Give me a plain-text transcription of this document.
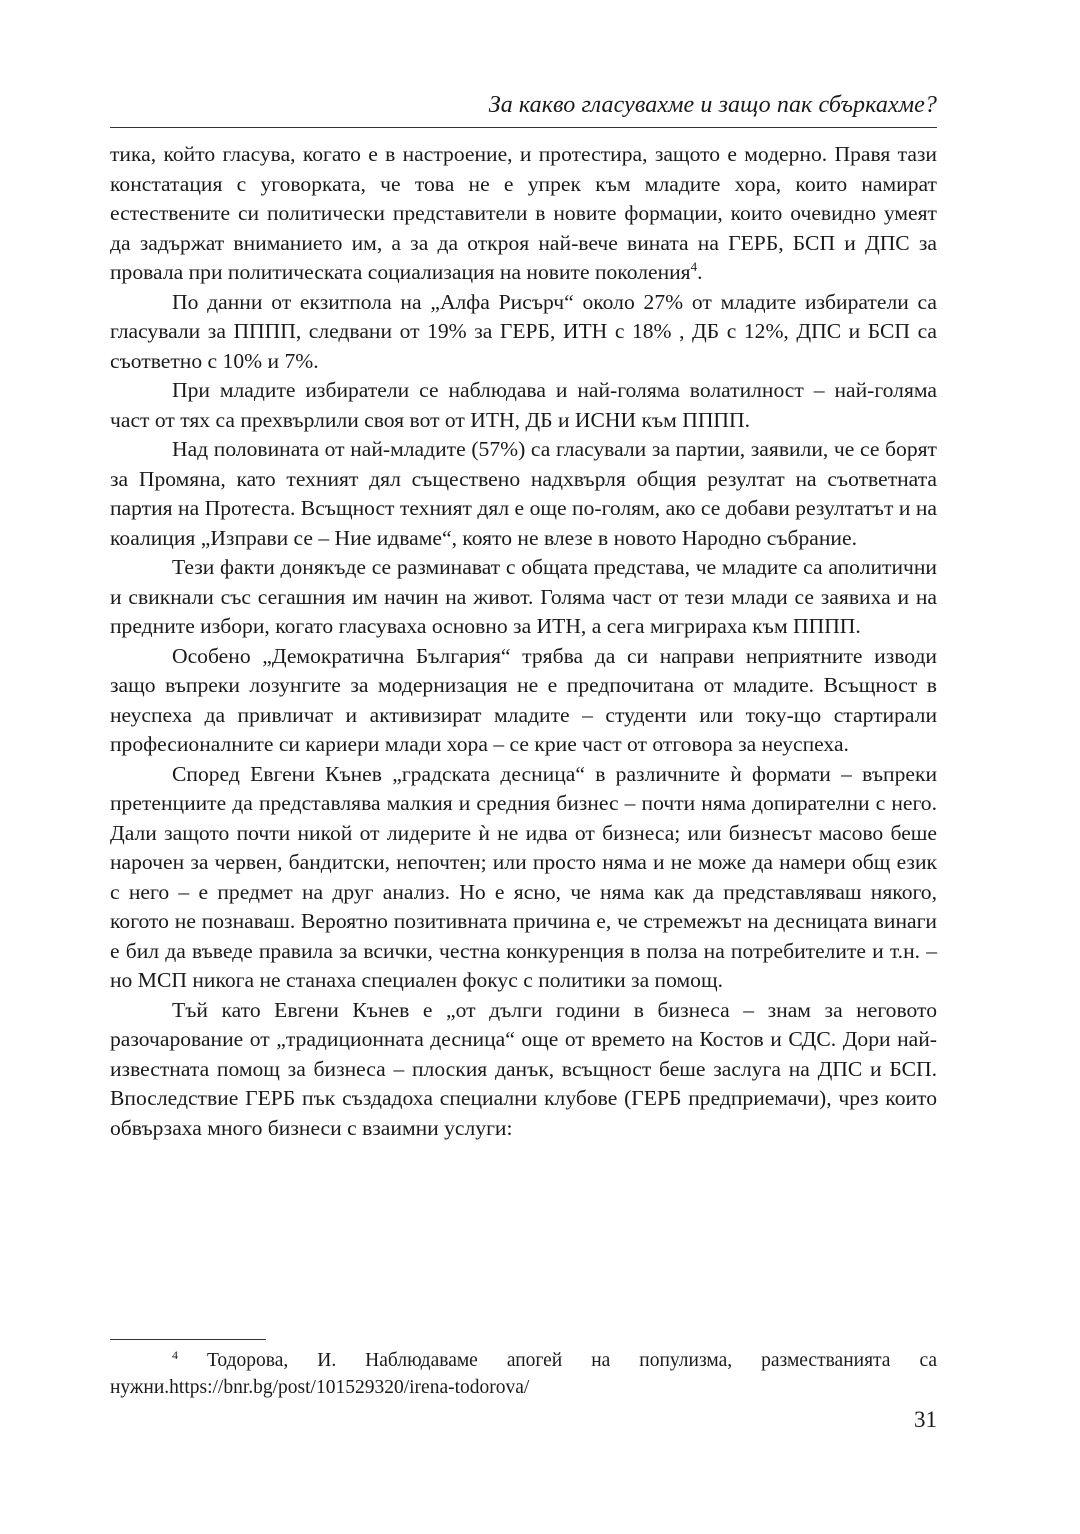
За какво гласувахме и защо пак сбъркахме?

тика, който гласува, когато е в настроение, и протестира, защото е модерно. Правя тази констатация с уговорката, че това не е упрек към младите хора, които намират естествените си политически представители в новите формации, които очевидно умеят да задържат вниманието им, а за да открoя най-вече вината на ГЕРБ, БСП и ДПС за провала при политическата социализация на новите поколения$^4$.

По данни от екзитпола на „Алфа Рисърч“ около 27% от младите избиратели са гласували за ПППП, следвани от 19% за ГЕРБ, ИТН с 18% , ДБ с 12%, ДПС и БСП са съответно с 10% и 7%.

При младите избиратели се наблюдава и най-голяма волатилност – най-голяма част от тях са прехвърлили своя вот от ИТН, ДБ и ИСНИ към ПППП.

Над половината от най-младите (57%) са гласували за партии, заявили, че се борят за Промяна, като техният дял съществено надхвърля общия резултат на съответната партия на Протеста. Всъщност техният дял е още по-голям, ако се добави резултатът и на коалиция „Изправи се – Ние идваме“, която не влезе в новото Народно събрание.

Тези факти донякъде се разминават с общата представа, че младите са аполитични и свикнали със сегашния им начин на живот. Голяма част от тези млади се заявиха и на предните избори, когато гласуваха основно за ИТН, а сега мигрираха към ПППП.

Особено „Демократична България“ трябва да си направи неприятните изводи защо въпреки лозунгите за модернизация не е предпочитана от младите. Всъщност в неуспеха да привличат и активизират младите – студенти или току-що стартирали професионалните си кариери млади хора – се крие част от отговора за неуспеха.

Според Евгени Кънев „градската десница“ в различните ѝ формати – въпреки претенциите да представлява малкия и средния бизнес – почти няма допирателни с него. Дали защото почти никой от лидерите ѝ не идва от бизнеса; или бизнесът масово беше нарочен за червен, бандитски, непочтен; или просто няма и не може да намери общ език с него – е предмет на друг анализ. Но е ясно, че няма как да представляваш някого, когото не познаваш. Вероятно позитивната причина е, че стремежът на десницата винаги е бил да въведе правила за всички, честна конкуренция в полза на потребителите и т.н. – но МСП никога не станаха специален фокус с политики за помощ.

Тъй като Евгени Кънев е „от дълги години в бизнеса – знам за неговото разочарование от „традиционната десница“ още от времето на Костов и СДС. Дори най-известната помощ за бизнеса – плоския данък, всъщност беше заслуга на ДПС и БСП. Впоследствие ГЕРБ пък създадоха специални клубове (ГЕРБ предприемачи), чрез които обвързаха много бизнеси с взаимни услуги:

$^4$ Тодорова, И. Наблюдаваме апогей на популизма, разместванията са нужни.https://bnr.bg/post/101529320/irena-todorova/

31
